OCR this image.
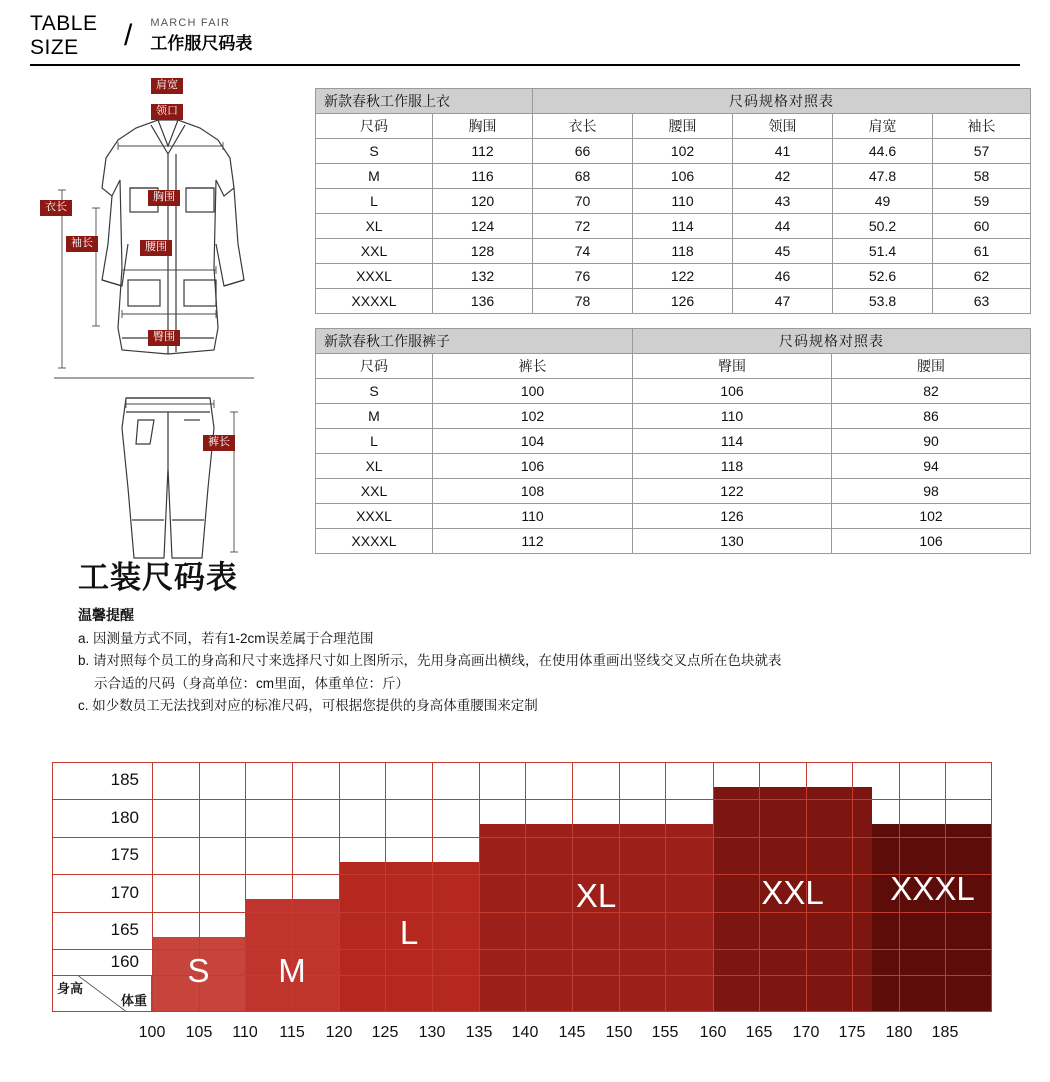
TABLE
SIZE	/ MARCH FAIR
工作服尺码表
肩宽
领口
胸围
衣长
袖长	腰围
臀围
裤长
新款春秋工作服上衣		尺码规格对照表				
尺码	胸围	衣长	腰围	领围	肩宽	袖长
S	112	66	102	41	44.6	57
M	116	68	106	42	47.8	58
L	120	70	110	43	49	59
XL	124	72	114	44	50.2	60
XXL	128	74	118	45	51.4	61
XXXL	132	76	122	46	52.6	62
XXXXL	136	78	126	47	53.8	63
新款春秋工作服裤子		尺码规格对照表	
尺码	裤长	臀围	腰围
S	100	106	82
M	102	110	86
L	104	114	90
XL	106	118	94
XXL	108	122	98
XXXL	110	126	102
XXXXL	112	130	106
工装尺码表
温馨提醒

a. 因测量方式不同，若有1-2cm误差属于合理范围

b. 请对照每个员工的身高和尺寸来选择尺寸如上图所示，先用身高画出横线，在使用体重画出竖线交叉点所在色块就表

示合适的尺码（身高单位：cm里面，体重单位：斤）

c. 如少数员工无法找到对应的标准尺码，可根据您提供的身高体重腰围来定制

S	M
L
XL	XXL	XXXL
185
180
175
170
165
160
身高
体重
100	105	110	115	120	125	130	135	140	145	150	155	160	165	170	175	180	185
